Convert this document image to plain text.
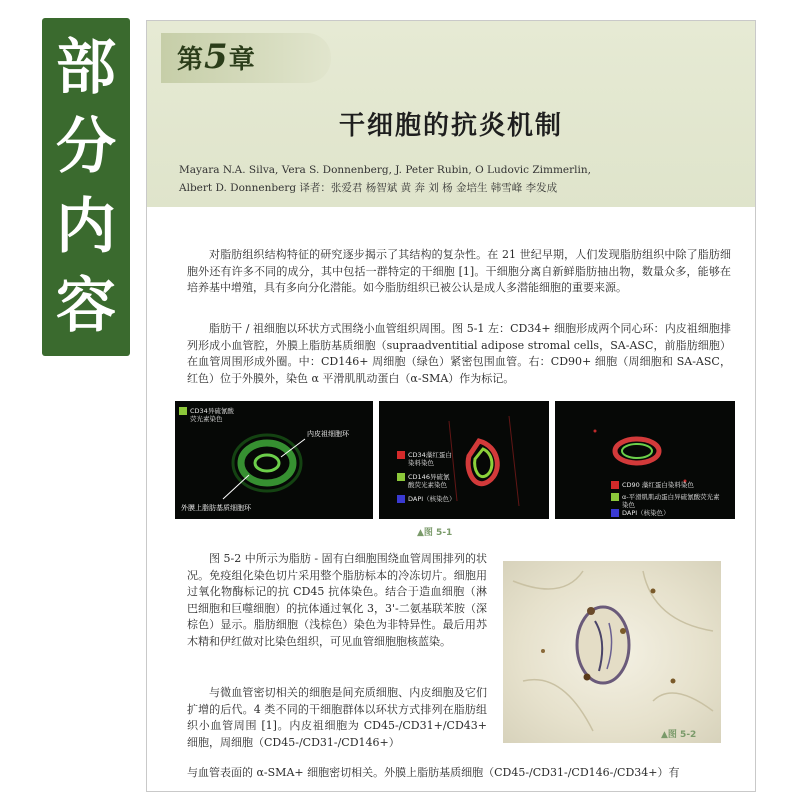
部
分
内
容
第5章
干细胞的抗炎机制
Mayara N.A. Silva, Vera S. Donnenberg, J. Peter Rubin, O Ludovic Zimmerlin,
Albert D. Donnenberg 译者：张爱君 杨智斌 黄 奔 刘 杨 金培生 韩雪峰 李发成

对脂肪组织结构特征的研究逐步揭示了其结构的复杂性。在 21 世纪早期，人们发现脂肪组织中除了脂肪细胞外还有许多不同的成分，其中包括一群特定的干细胞 [1]。干细胞分离自新鲜脂肪抽出物，数量众多，能够在培养基中增殖，具有多向分化潜能。如今脂肪组织已被公认是成人多潜能细胞的重要来源。

脂肪干 / 祖细胞以环状方式围绕小血管组织周围。图 5-1 左：CD34+ 细胞形成两个同心环：内皮祖细胞排列形成小血管腔，外膜上脂肪基质细胞（supraadventitial adipose stromal cells，SA-ASC，前脂肪细胞）在血管周围形成外圈。中：CD146+ 周细胞（绿色）紧密包围血管。右：CD90+ 细胞（周细胞和 SA-ASC，红色）位于外膜外，染色 α 平滑肌肌动蛋白（α-SMA）作为标记。

CD34异硫氰酸荧光素染色
内皮祖细胞环
外膜上脂肪基质细胞环
CD34藻红蛋白染料染色
CD146异硫氰酸荧光素染色
DAPI（核染色）
CD90 藻红蛋白染料染色
α-平滑肌肌动蛋白异硫氰酸荧光素染色
DAPI（核染色）
▲图 5-1

图 5-2 中所示为脂肪 - 固有白细胞围绕血管周围排列的状况。免疫组化染色切片采用整个脂肪标本的冷冻切片。细胞用过氧化物酶标记的抗 CD45 抗体染色。结合于造血细胞（淋巴细胞和巨噬细胞）的抗体通过氧化 3，3'-二氨基联苯胺（深棕色）显示。脂肪细胞（浅棕色）染色为非特异性。最后用苏木精和伊红做对比染色组织，可见血管细胞胞核蓝染。

与微血管密切相关的细胞是间充质细胞、内皮细胞及它们扩增的后代。4 类不同的干细胞群体以环状方式排列在脂肪组织小血管周围 [1]。内皮祖细胞为 CD45-/CD31+/CD43+ 细胞，周细胞（CD45-/CD31-/CD146+）

与血管表面的 α-SMA+ 细胞密切相关。外膜上脂肪基质细胞（CD45-/CD31-/CD146-/CD34+）有

▲图 5-2
